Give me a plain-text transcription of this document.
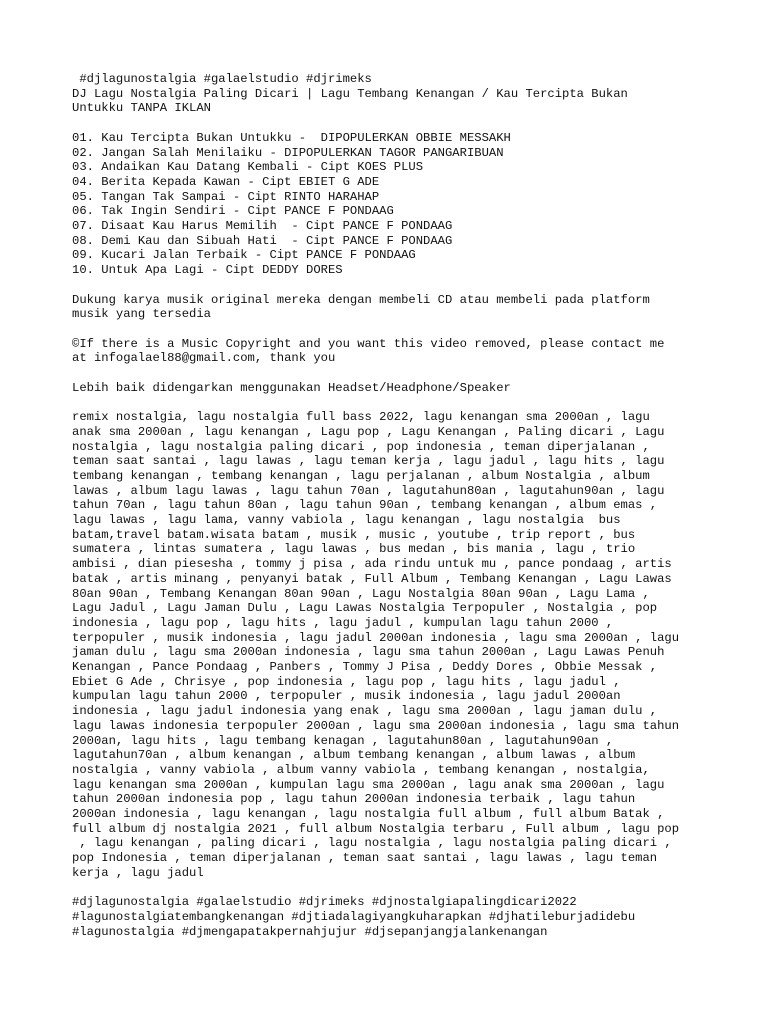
#djlagunostalgia #galaelstudio #djrimeks
DJ Lagu Nostalgia Paling Dicari | Lagu Tembang Kenangan / Kau Tercipta Bukan
Untukku TANPA IKLAN
01. Kau Tercipta Bukan Untukku -  DIPOPULERKAN OBBIE MESSAKH
02. Jangan Salah Menilaiku - DIPOPULERKAN TAGOR PANGARIBUAN
03. Andaikan Kau Datang Kembali - Cipt KOES PLUS
04. Berita Kepada Kawan - Cipt EBIET G ADE
05. Tangan Tak Sampai - Cipt RINTO HARAHAP
06. Tak Ingin Sendiri - Cipt PANCE F PONDAAG
07. Disaat Kau Harus Memilih  - Cipt PANCE F PONDAAG
08. Demi Kau dan Sibuah Hati  - Cipt PANCE F PONDAAG
09. Kucari Jalan Terbaik - Cipt PANCE F PONDAAG
10. Untuk Apa Lagi - Cipt DEDDY DORES
Dukung karya musik original mereka dengan membeli CD atau membeli pada platform
musik yang tersedia
©If there is a Music Copyright and you want this video removed, please contact me
at infogalael88@gmail.com, thank you
Lebih baik didengarkan menggunakan Headset/Headphone/Speaker
remix nostalgia, lagu nostalgia full bass 2022, lagu kenangan sma 2000an , lagu
anak sma 2000an , lagu kenangan , Lagu pop , Lagu Kenangan , Paling dicari , Lagu
nostalgia , lagu nostalgia paling dicari , pop indonesia , teman diperjalanan ,
teman saat santai , lagu lawas , lagu teman kerja , lagu jadul , lagu hits , lagu
tembang kenangan , tembang kenangan , lagu perjalanan , album Nostalgia , album
lawas , album lagu lawas , lagu tahun 70an , lagutahun80an , lagutahun90an , lagu
tahun 70an , lagu tahun 80an , lagu tahun 90an , tembang kenangan , album emas ,
lagu lawas , lagu lama, vanny vabiola , lagu kenangan , lagu nostalgia  bus
batam,travel batam.wisata batam , musik , music , youtube , trip report , bus
sumatera , lintas sumatera , lagu lawas , bus medan , bis mania , lagu , trio
ambisi , dian piesesha , tommy j pisa , ada rindu untuk mu , pance pondaag , artis
batak , artis minang , penyanyi batak , Full Album , Tembang Kenangan , Lagu Lawas
80an 90an , Tembang Kenangan 80an 90an , Lagu Nostalgia 80an 90an , Lagu Lama ,
Lagu Jadul , Lagu Jaman Dulu , Lagu Lawas Nostalgia Terpopuler , Nostalgia , pop
indonesia , lagu pop , lagu hits , lagu jadul , kumpulan lagu tahun 2000 ,
terpopuler , musik indonesia , lagu jadul 2000an indonesia , lagu sma 2000an , lagu
jaman dulu , lagu sma 2000an indonesia , lagu sma tahun 2000an , Lagu Lawas Penuh
Kenangan , Pance Pondaag , Panbers , Tommy J Pisa , Deddy Dores , Obbie Messak ,
Ebiet G Ade , Chrisye , pop indonesia , lagu pop , lagu hits , lagu jadul ,
kumpulan lagu tahun 2000 , terpopuler , musik indonesia , lagu jadul 2000an
indonesia , lagu jadul indonesia yang enak , lagu sma 2000an , lagu jaman dulu ,
lagu lawas indonesia terpopuler 2000an , lagu sma 2000an indonesia , lagu sma tahun
2000an, lagu hits , lagu tembang kenagan , lagutahun80an , lagutahun90an ,
lagutahun70an , album kenangan , album tembang kenangan , album lawas , album
nostalgia , vanny vabiola , album vanny vabiola , tembang kenangan , nostalgia,
lagu kenangan sma 2000an , kumpulan lagu sma 2000an , lagu anak sma 2000an , lagu
tahun 2000an indonesia pop , lagu tahun 2000an indonesia terbaik , lagu tahun
2000an indonesia , lagu kenangan , lagu nostalgia full album , full album Batak ,
full album dj nostalgia 2021 , full album Nostalgia terbaru , Full album , lagu pop
, lagu kenangan , paling dicari , lagu nostalgia , lagu nostalgia paling dicari ,
pop Indonesia , teman diperjalanan , teman saat santai , lagu lawas , lagu teman
kerja , lagu jadul
#djlagunostalgia #galaelstudio #djrimeks #djnostalgiapalingdicari2022
#lagunostalgiatembangkenangan #djtiadalagiyangkuharapkan #djhatileburjadidebu
#lagunostalgia #djmengapatakpernahjujur #djsepanjangjalankenangan
